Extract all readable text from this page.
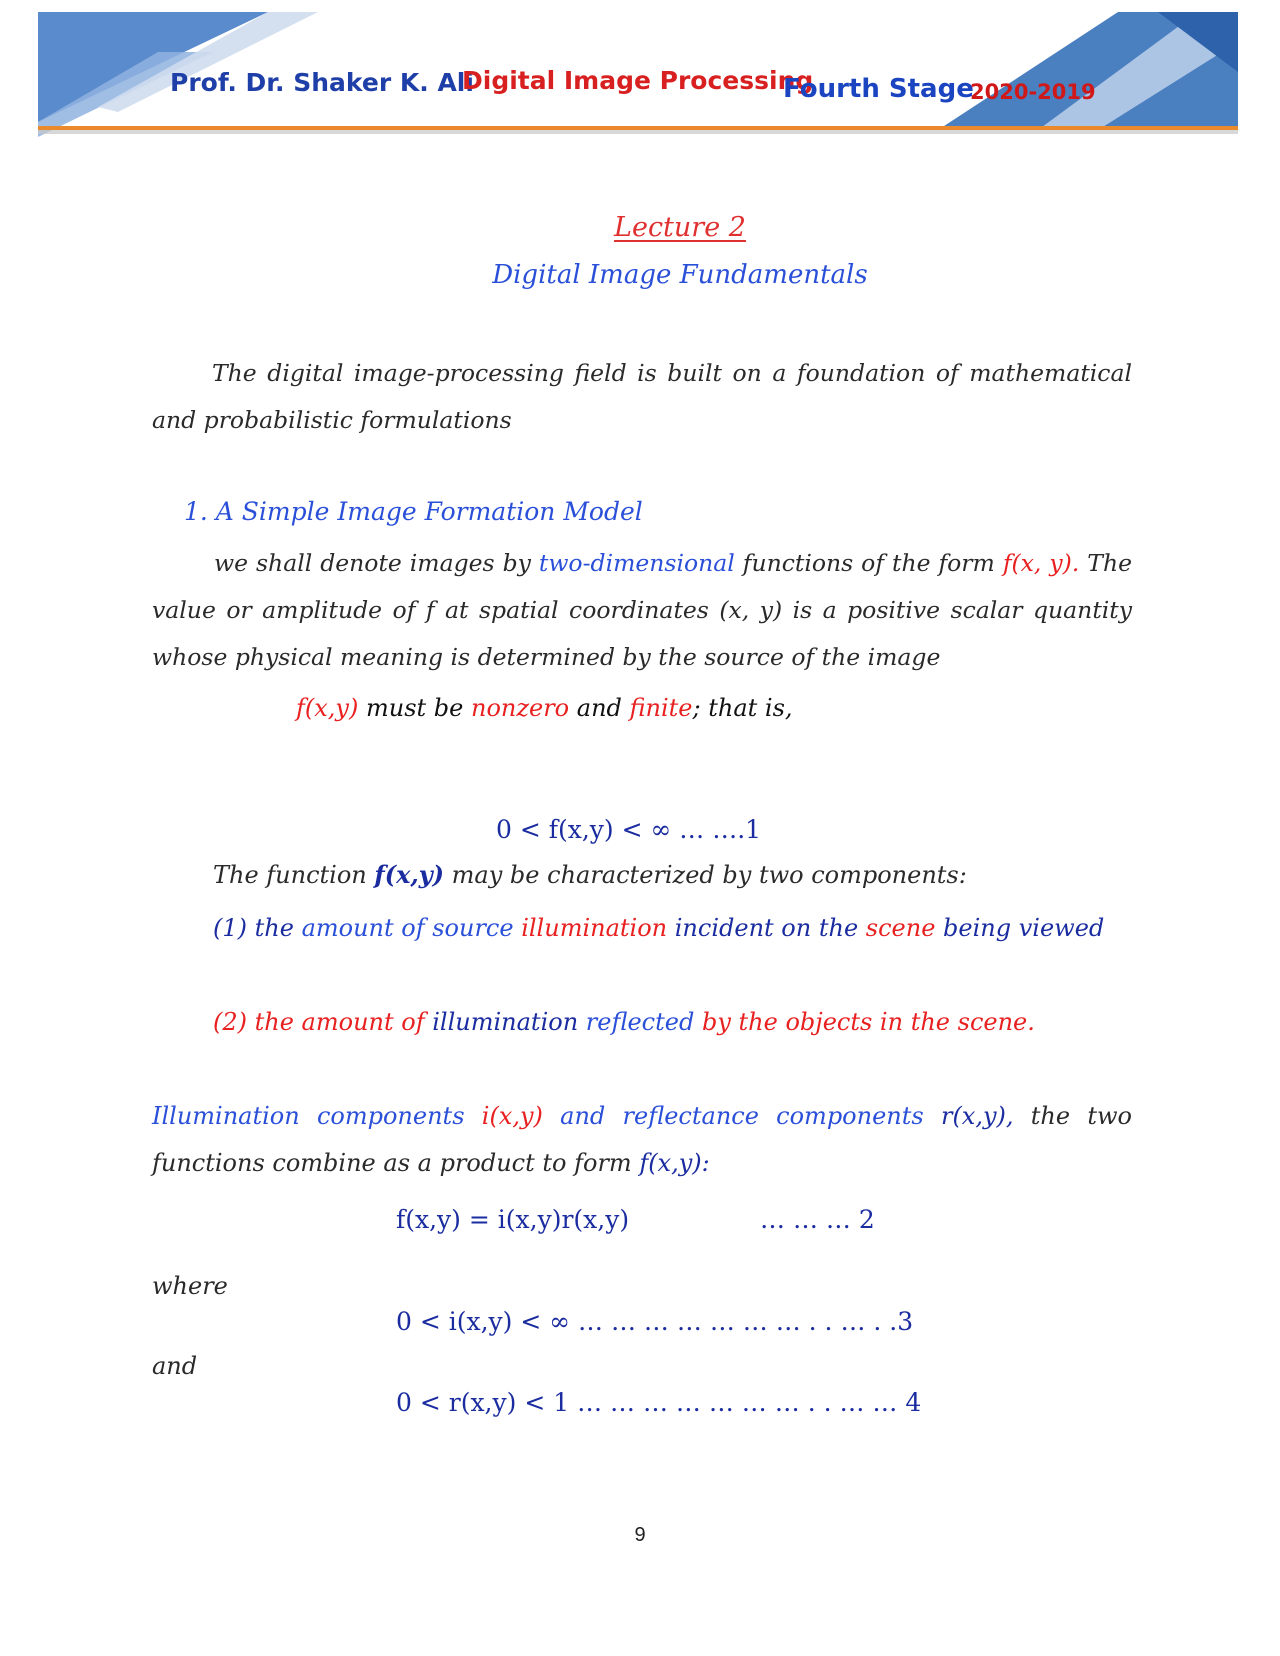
Prof. Dr. Shaker K. Ali
Digital Image Processing
Fourth Stage
2020-2019
Lecture 2
Digital Image Fundamentals
The digital image-processing field is built on a foundation of mathematical and probabilistic formulations
1. A Simple Image Formation Model
we shall denote images by two-dimensional functions of the form f(x, y). The value or amplitude of f at spatial coordinates (x, y) is a positive scalar quantity whose physical meaning is determined by the source of the image
f(x,y) must be nonzero and finite; that is,
0 < f(x,y) < ∞ … ….1
The function f(x,y) may be characterized by two components:
(1) the amount of source illumination incident on the scene being viewed
(2) the amount of illumination reflected by the objects in the scene.
Illumination components i(x,y) and reflectance components r(x,y), the two functions combine as a product to form f(x,y):
f(x,y) = i(x,y)r(x,y)	… … … 2
where
0 < i(x,y) < ∞ … … … … … … … . . … . .3
and
0 < r(x,y) < 1 … … … … … … … . . … … 4
9
